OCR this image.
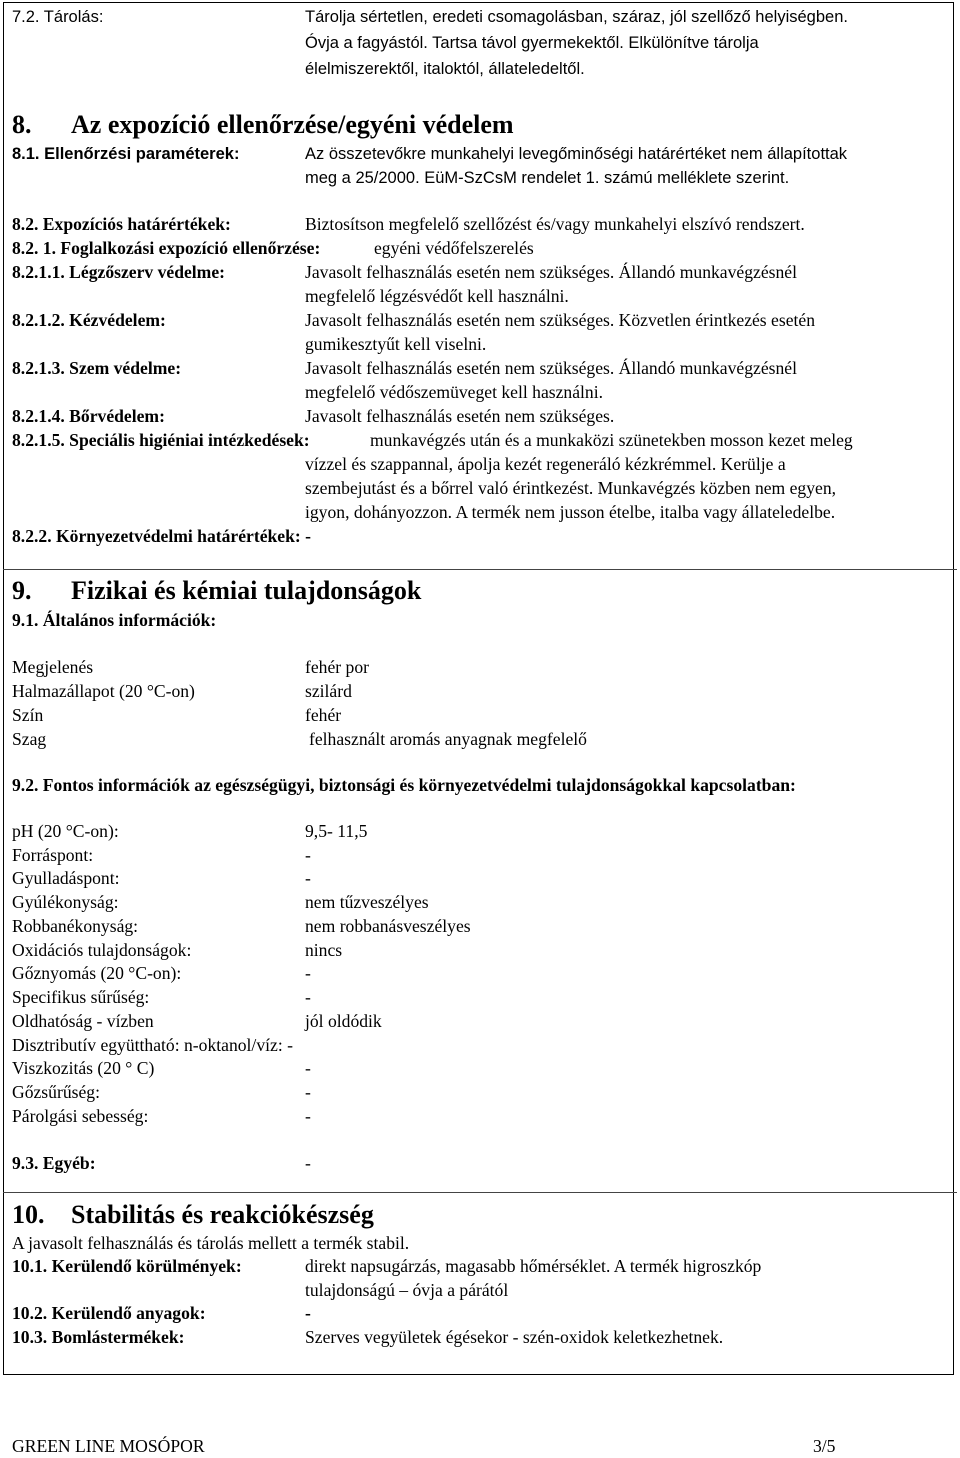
7.2. Tárolás:	Tárolja sértetlen, eredeti csomagolásban, száraz, jól szellőző helyiségben.
Óvja a fagyástól. Tartsa távol gyermekektől. Elkülönítve tárolja
élelmiszerektől, italoktól, állateledeltől.
8. Az expozíció ellenőrzése/egyéni védelem
8.1. Ellenőrzési paraméterek:	Az összetevőkre munkahelyi levegőminőségi határértéket nem állapítottak
meg a 25/2000. EüM-SzCsM rendelet 1. számú melléklete szerint.
8.2. Expozíciós határértékek:	Biztosítson megfelelő szellőzést és/vagy munkahelyi elszívó rendszert.
8.2. 1. Foglalkozási expozíció ellenőrzése:	egyéni védőfelszerelés
8.2.1.1. Légzőszerv védelme:	Javasolt felhasználás esetén nem szükséges. Állandó munkavégzésnél
megfelelő légzésvédőt kell használni.
8.2.1.2. Kézvédelem:	Javasolt felhasználás esetén nem szükséges. Közvetlen érintkezés esetén
gumikesztyűt kell viselni.
8.2.1.3. Szem védelme:	Javasolt felhasználás esetén nem szükséges. Állandó munkavégzésnél
megfelelő védőszemüveget kell használni.
8.2.1.4. Bőrvédelem:	Javasolt felhasználás esetén nem szükséges.
8.2.1.5. Speciális higiéniai intézkedések:	munkavégzés után és a munkaközi szünetekben mosson kezet meleg
vízzel és szappannal, ápolja kezét regeneráló kézkrémmel. Kerülje a
szembejutást és a bőrrel való érintkezést. Munkavégzés közben nem egyen,
igyon, dohányozzon. A termék nem jusson ételbe, italba vagy állateledelbe.
8.2.2. Környezetvédelmi határértékek: -
9. Fizikai és kémiai tulajdonságok
9.1. Általános információk:
Megjelenés	fehér por
Halmazállapot (20 °C-on)	szilárd
Szín	fehér
Szag	felhasznált aromás anyagnak megfelelő
9.2. Fontos információk az egészségügyi, biztonsági és környezetvédelmi tulajdonságokkal kapcsolatban:
pH (20 °C-on):	9,5- 11,5
Forráspont:	-
Gyulladáspont:	-
Gyúlékonyság:	nem tűzveszélyes
Robbanékonyság:	nem robbanásveszélyes
Oxidációs tulajdonságok:	nincs
Gőznyomás (20 °C-on):	-
Specifikus sűrűség:	-
Oldhatóság - vízben	jól oldódik
Disztributív együttható: n-oktanol/víz: -
Viszkozitás (20 ° C)	-
Gőzsűrűség:	-
Párolgási sebesség:	-
9.3. Egyéb:	-
10. Stabilitás és reakciókészség
A javasolt felhasználás és tárolás mellett a termék stabil.
10.1. Kerülendő körülmények:	direkt napsugárzás, magasabb hőmérséklet. A termék higroszkóp
tulajdonságú – óvja a párától
10.2. Kerülendő anyagok:	-
10.3. Bomlástermékek:	Szerves vegyületek égésekor - szén-oxidok keletkezhetnek.
GREEN LINE MOSÓPOR	3/5
